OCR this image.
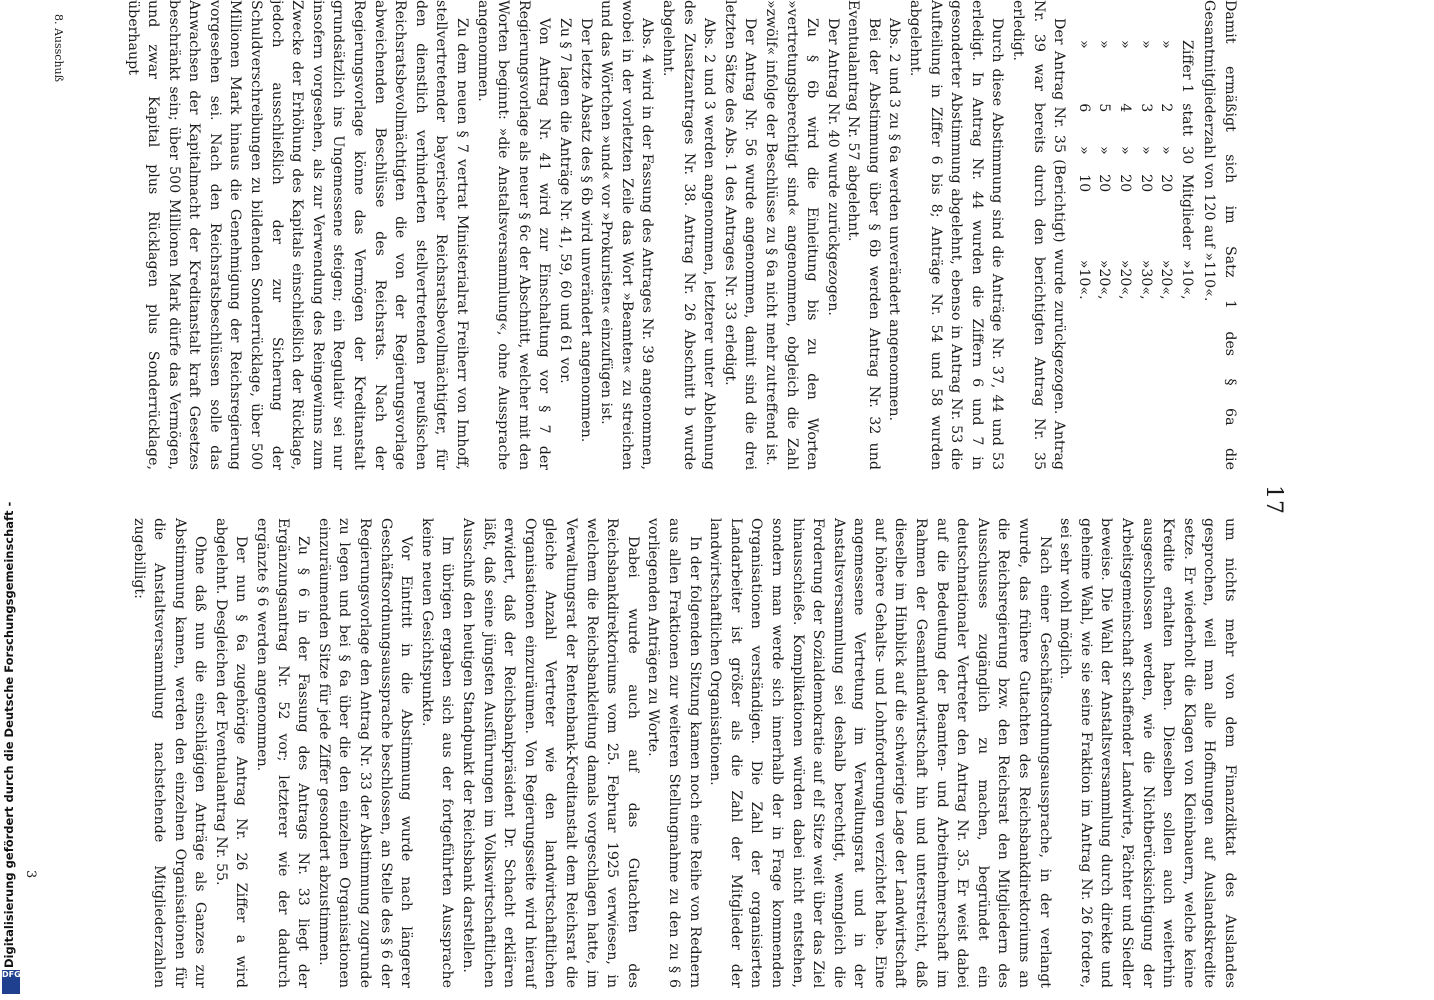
17

Damit ermäßigt sich im Satz 1 des § 6a die Gesamtmitgliederzahl von 120 auf »110«.

Ziffer 1	statt	30	Mitglieder	»10«,
»	2	»	20	»20«,
»	3	»	20	»30«,
»	4	»	20	»20«,
»	5	»	20	»20«,
»	6	»	10	»10«.

Der Antrag Nr. 35 (Berichtigt) wurde zurückgezogen. Antrag Nr. 39 war bereits durch den berichtigten Antrag Nr. 35 erledigt.

Durch diese Abstimmung sind die Anträge Nr. 37, 44 und 53 erledigt. In Antrag Nr. 44 wurden die Ziffern 6 und 7 in gesonderter Abstimmung abgelehnt, ebenso in Antrag Nr. 53 die Aufteilung in Ziffer 6 bis 8; Anträge Nr. 54 und 58 wurden abgelehnt.

Abs. 2 und 3 zu § 6a werden unverändert angenommen.

Bei der Abstimmung über § 6b werden Antrag Nr. 32 und Eventualantrag Nr. 57 abgelehnt.

Der Antrag Nr. 40 wurde zurückgezogen.

Zu § 6b wird die Einleitung bis zu den Worten »vertretungsberechtigt sind« angenommen, obgleich die Zahl »zwölf« infolge der Beschlüsse zu § 6a nicht mehr zutreffend ist.

Der Antrag Nr. 56 wurde angenommen, damit sind die drei letzten Sätze des Abs. 1 des Antrages Nr. 33 erledigt.

Abs. 2 und 3 werden angenommen, letzterer unter Ablehnung des Zusatzantrages Nr. 38. Antrag Nr. 26 Abschnitt b wurde abgelehnt.

Abs. 4 wird in der Fassung des Antrages Nr. 39 angenommen, wobei in der vorletzten Zeile das Wort »Beamten« zu streichen und das Wörtchen »und« vor »Prokuristen« einzufügen ist.

Der letzte Absatz des § 6b wird unverändert angenommen.

Zu § 7 lagen die Anträge Nr. 41, 59, 60 und 61 vor.

Von Antrag Nr. 41 wird zur Einschaltung vor § 7 der Regierungsvorlage als neuer § 6c der Abschnitt, welcher mit den Worten beginnt: »die Anstaltsversammlung«, ohne Aussprache angenommen.

Zu dem neuen § 7 vertrat Ministerialrat Freiherr von Imhoff, stellvertretender bayerischer Reichsratsbevollmächtigter, für den dienstlich verhinderten stellvertretenden preußischen Reichsratsbevollmächtigten die von der Regierungsvorlage abweichenden Beschlüsse des Reichsrats. Nach der Regierungsvorlage könne das Vermögen der Kreditanstalt grundsätzlich ins Ungemessene steigen; ein Regulativ sei nur insofern vorgesehen, als zur Verwendung des Reingewinns zum Zwecke der Erhöhung des Kapitals einschließlich der Rücklage, jedoch ausschließlich der zur Sicherung der Schuldverschreibungen zu bildenden Sonderrücklage, über 500 Millionen Mark hinaus die Genehmigung der Reichsregierung vorgesehen sei. Nach den Reichsratsbeschlüssen solle das Anwachsen der Kapitalmacht der Kreditanstalt kraft Gesetzes beschränkt sein; über 500 Millionen Mark dürfe das Vermögen, und zwar Kapital plus Rücklagen plus Sonderrücklage, überhaupt

um nichts mehr von dem Finanzdiktat des Auslandes gesprochen, weil man alle Hoffnungen auf Auslandskredite setze. Er wiederholt die Klagen von Kleinbauern, welche keine Kredite erhalten haben. Dieselben sollen auch weiterhin ausgeschlossen werden, wie die Nichtberücksichtigung der Arbeitsgemeinschaft schaffender Landwirte, Pächter und Siedler beweise. Die Wahl der Anstaltsversammlung durch direkte und geheime Wahl, wie sie seine Fraktion im Antrag Nr. 26 fordere, sei sehr wohl möglich.

Nach einer Geschäftsordnungsaussprache, in der verlangt wurde, das frühere Gutachten des Reichsbankdirektoriums an die Reichsregierung bzw. den Reichsrat den Mitgliedern des Ausschusses zugänglich zu machen, begründet ein deutschnationaler Vertreter den Antrag Nr. 35. Er weist dabei auf die Bedeutung der Beamten- und Arbeitnehmerschaft im Rahmen der Gesamtlandwirtschaft hin und unterstreicht, daß dieselbe im Hinblick auf die schwierige Lage der Landwirtschaft auf höhere Gehalts- und Lohnforderungen verzichtet habe. Eine angemessene Vertretung im Verwaltungsrat und in der Anstaltsversammlung sei deshalb berechtigt, wenngleich die Forderung der Sozialdemokratie auf elf Sitze weit über das Ziel hinausschieße. Komplikationen würden dabei nicht entstehen, sondern man werde sich innerhalb der in Frage kommenden Organisationen verständigen. Die Zahl der organisierten Landarbeiter ist größer als die Zahl der Mitglieder der landwirtschaftlichen Organisationen.

In der folgenden Sitzung kamen noch eine Reihe von Rednern aus allen Fraktionen zur weiteren Stellungnahme zu den zu § 6 vorliegenden Anträgen zu Worte.

Dabei wurde auch auf das Gutachten des Reichsbankdirektoriums vom 25. Februar 1925 verwiesen, in welchem die Reichsbankleitung damals vorgeschlagen hatte, im Verwaltungsrat der Rentenbank-Kreditanstalt dem Reichsrat die gleiche Anzahl Vertreter wie den landwirtschaftlichen Organisationen einzuräumen. Von Regierungsseite wird hierauf erwidert, daß der Reichsbankpräsident Dr. Schacht erklären läßt, daß seine jüngsten Ausführungen im Volkswirtschaftlichen Ausschuß den heutigen Standpunkt der Reichsbank darstellen.

Im übrigen ergaben sich aus der fortgeführten Aussprache keine neuen Gesichtspunkte.

Vor Eintritt in die Abstimmung wurde nach längerer Geschäftsordnungsaussprache beschlossen, an Stelle des § 6 der Regierungsvorlage den Antrag Nr. 33 der Abstimmung zugrunde zu legen und bei § 6a über die den einzelnen Organisationen einzuräumenden Sitze für jede Ziffer gesondert abzustimmen.

Zu § 6 in der Fassung des Antrags Nr. 33 liegt der Ergänzungsantrag Nr. 52 vor; letzterer wie der dadurch ergänzte § 6 werden angenommen.

Der nun § 6a zugehörige Antrag Nr. 26 Ziffer a wird abgelehnt. Desgleichen der Eventualantrag Nr. 55.

Ohne daß nun die einschlägigen Anträge als Ganzes zur Abstimmung kamen, werden den einzelnen Organisationen für die Anstaltsversammlung nachstehende Mitgliederzahlen zugebilligt:

8. Ausschuß
3
Digitalisierung gefördert durch die Deutsche Forschungsgemeinschaft -
DFG
